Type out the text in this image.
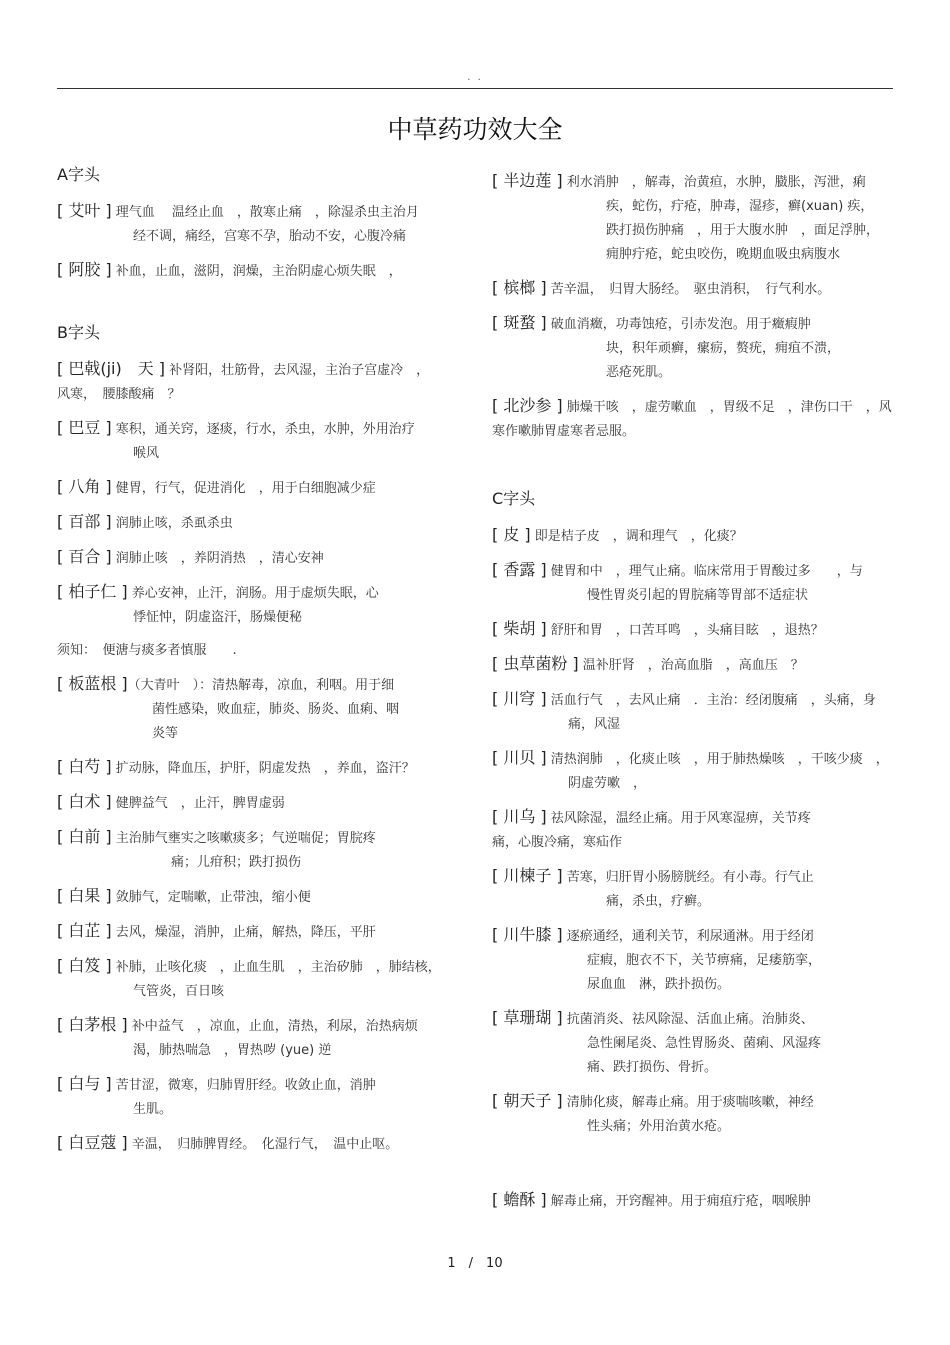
. .
中草药功效大全
A字头
[ 艾叶 ] 理气血　 温经止血　，散寒止痛　，除湿杀虫主治月
经不调，痛经，宫寒不孕，胎动不安，心腹冷痛
[ 阿胶 ] 补血，止血，滋阴，润燥，主治阴虚心烦失眠　，
B字头
[ 巴戟(ji)　天 ] 补肾阳，壮筋骨，去风湿，主治子宫虚冷　，
风寒，　腰膝酸痛　？
[ 巴豆 ] 寒积，通关窍，逐痰，行水，杀虫，水肿，外用治疗
喉风
[ 八角 ] 健胃，行气，促进消化　，用于白细胞减少症
[ 百部 ] 润肺止咳，杀虱杀虫
[ 百合 ] 润肺止咳　，养阴消热　，清心安神
[ 柏子仁 ] 养心安神，止汗，润肠。用于虚烦失眠，心
悸怔忡，阴虚盗汗，肠燥便秘
须知：　便溏与痰多者慎服　　.
[ 板蓝根 ]（大青叶　）：清热解毒，凉血，利咽。用于细
菌性感染，败血症，肺炎、肠炎、血痢、咽
炎等
[ 白芍 ] 扩动脉，降血压，护肝，阴虚发热　，养血，盗汗？
[ 白术 ] 健脾益气　，止汗，脾胃虚弱
[ 白前 ] 主治肺气壅实之咳嗽痰多；气逆喘促；胃脘疼
痛；儿疳积；跌打损伤
[ 白果 ] 敛肺气，定喘嗽，止带浊，缩小便
[ 白芷 ] 去风，燥湿，消肿，止痛，解热，降压，平肝
[ 白笈 ] 补肺，止咳化痰　，止血生肌　，主治矽肺　，肺结核，
气管炎，百日咳
[ 白茅根 ] 补中益气　，凉血，止血，清热，利尿，治热病烦
渴，肺热喘急　，胃热哕 (yue) 逆
[ 白与 ] 苦甘涩，微寒，归肺胃肝经。收敛止血，消肿
生肌。
[ 白豆蔻 ] 辛温，　归肺脾胃经。　化湿行气，　温中止呕。
[ 半边莲 ] 利水消肿　，解毒，治黄疸，水肿，臌胀，泻泄，痢
疾，蛇伤，疔疮，肿毒，湿疹，癣(xuan) 疾，
跌打损伤肿痛　，用于大腹水肿　，面足浮肿，
痈肿疔疮，蛇虫咬伤，晚期血吸虫病腹水
[ 槟榔 ] 苦辛温，　归胃大肠经。　驱虫消积，　行气利水。
[ 斑蝥 ] 破血消癥，功毒蚀疮，引赤发泡。用于癥瘕肿
块，积年顽癣，瘰疬，赘疣，痈疽不溃，
恶疮死肌。
[ 北沙参 ] 肺燥干咳　，虚劳嗽血　，胃级不足　，津伤口干　，风
寒作嗽肺胃虚寒者忌服。
C字头
[ 皮 ] 即是桔子皮　，调和理气　，化痰？
[ 香露 ] 健胃和中　，理气止痛。临床常用于胃酸过多　　，与
慢性胃炎引起的胃脘痛等胃部不适症状
[ 柴胡 ] 舒肝和胃　，口苦耳鸣　，头痛目眩　，退热？
[ 虫草菌粉 ] 温补肝肾　，治高血脂　，高血压　？
[ 川穹 ] 活血行气　，去风止痛　．主治：经闭腹痛　，头痛，身
痛，风湿
[ 川贝 ] 清热润肺　，化痰止咳　，用于肺热燥咳　，干咳少痰　，
阴虚劳嗽　，
[ 川乌 ] 祛风除湿，温经止痛。用于风寒湿痹，关节疼
痛，心腹冷痛，寒疝作
[ 川楝子 ] 苦寒，归肝胃小肠膀胱经。有小毒。行气止
痛，杀虫，疗癣。
[ 川牛膝 ] 逐瘀通经，通利关节，利尿通淋。用于经闭
症瘕，胞衣不下，关节痹痛，足痿筋挛，
尿血血　淋，跌扑损伤。
[ 草珊瑚 ] 抗菌消炎、祛风除湿、活血止痛。治肺炎、
急性阑尾炎、急性胃肠炎、菌痢、风湿疼
痛、跌打损伤、骨折。
[ 朝天子 ] 清肺化痰，解毒止痛。用于痰喘咳嗽，神经
性头痛；外用治黄水疮。
[ 蟾酥 ] 解毒止痛，开窍醒神。用于痈疽疔疮，咽喉肿
1　/　10
